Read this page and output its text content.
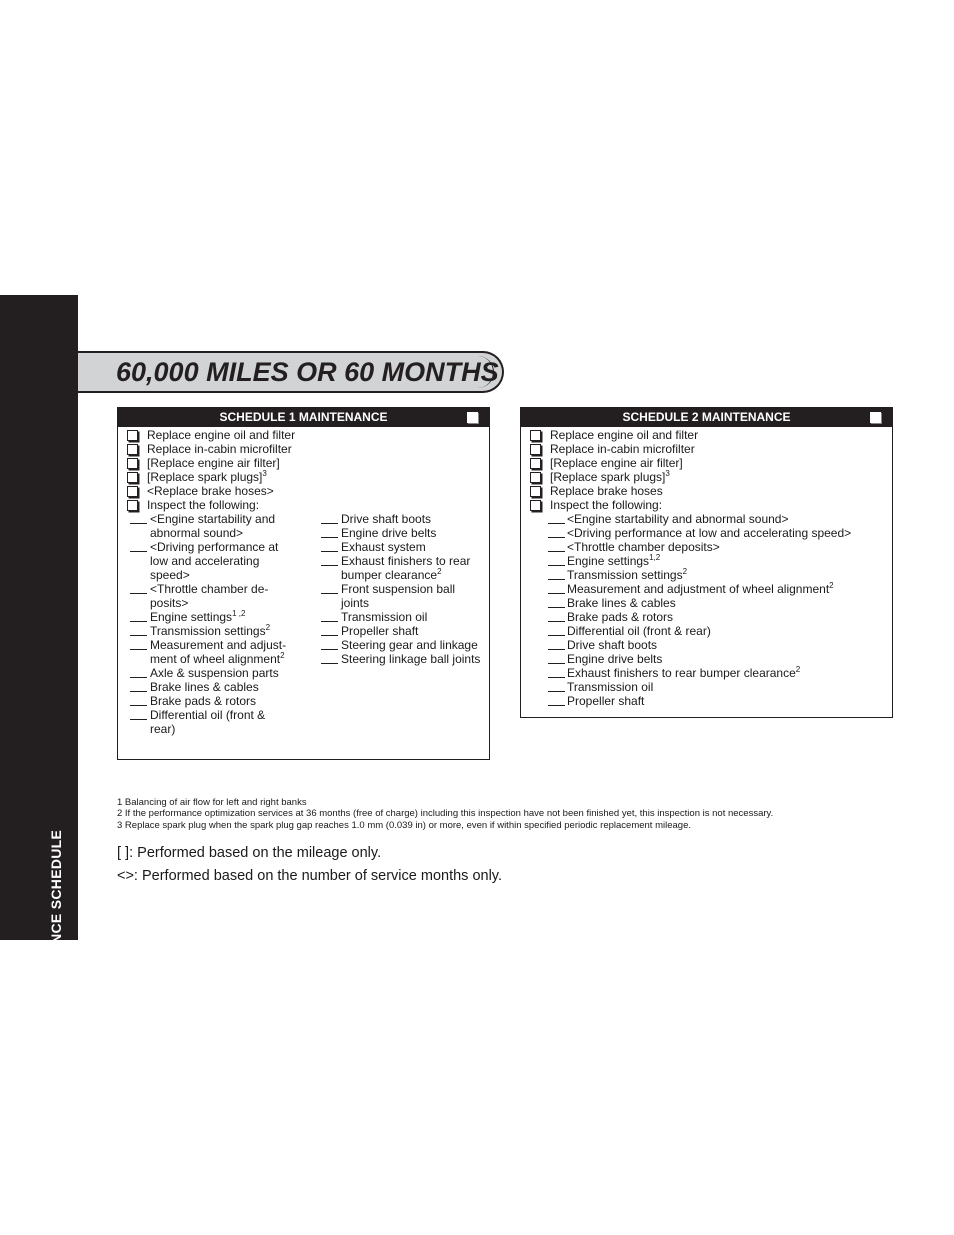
MAINTENANCE SCHEDULE
64
60,000 MILES OR 60 MONTHS
SCHEDULE 1 MAINTENANCE
Replace engine oil and filter
Replace in-cabin microfilter
[Replace engine air filter]
[Replace spark plugs]$^3$
<Replace brake hoses>
Inspect the following:
<Engine startability and
abnormal sound>
<Driving performance at
low and accelerating
speed>
<Throttle chamber de-
posits>
Engine settings$^{1 ,2}$
Transmission settings$^2$
Measurement and adjust-
ment of wheel alignment$^2$
Axle & suspension parts
Brake lines & cables
Brake pads & rotors
Differential oil (front &
rear)
Drive shaft boots
Engine drive belts
Exhaust system
Exhaust finishers to rear
bumper clearance$^2$
Front suspension ball
joints
Transmission oil
Propeller shaft
Steering gear and linkage
Steering linkage ball joints
SCHEDULE 2 MAINTENANCE
Replace engine oil and filter
Replace in-cabin microfilter
[Replace engine air filter]
[Replace spark plugs]$^3$
Replace brake hoses
Inspect the following:
<Engine startability and abnormal sound>
<Driving performance at low and accelerating speed>
<Throttle chamber deposits>
Engine settings$^{1,2}$
Transmission settings$^2$
Measurement and adjustment of wheel alignment$^2$
Brake lines & cables
Brake pads & rotors
Differential oil (front & rear)
Drive shaft boots
Engine drive belts
Exhaust finishers to rear bumper clearance$^2$
Transmission oil
Propeller shaft
1 Balancing of air flow for left and right banks
2 If the performance optimization services at 36 months (free of charge) including this inspection have not been finished yet, this inspection is not necessary.
3 Replace spark plug when the spark plug gap reaches 1.0 mm (0.039 in) or more, even if within specified periodic replacement mileage.
[ ]: Performed based on the mileage only.
<>: Performed based on the number of service months only.
